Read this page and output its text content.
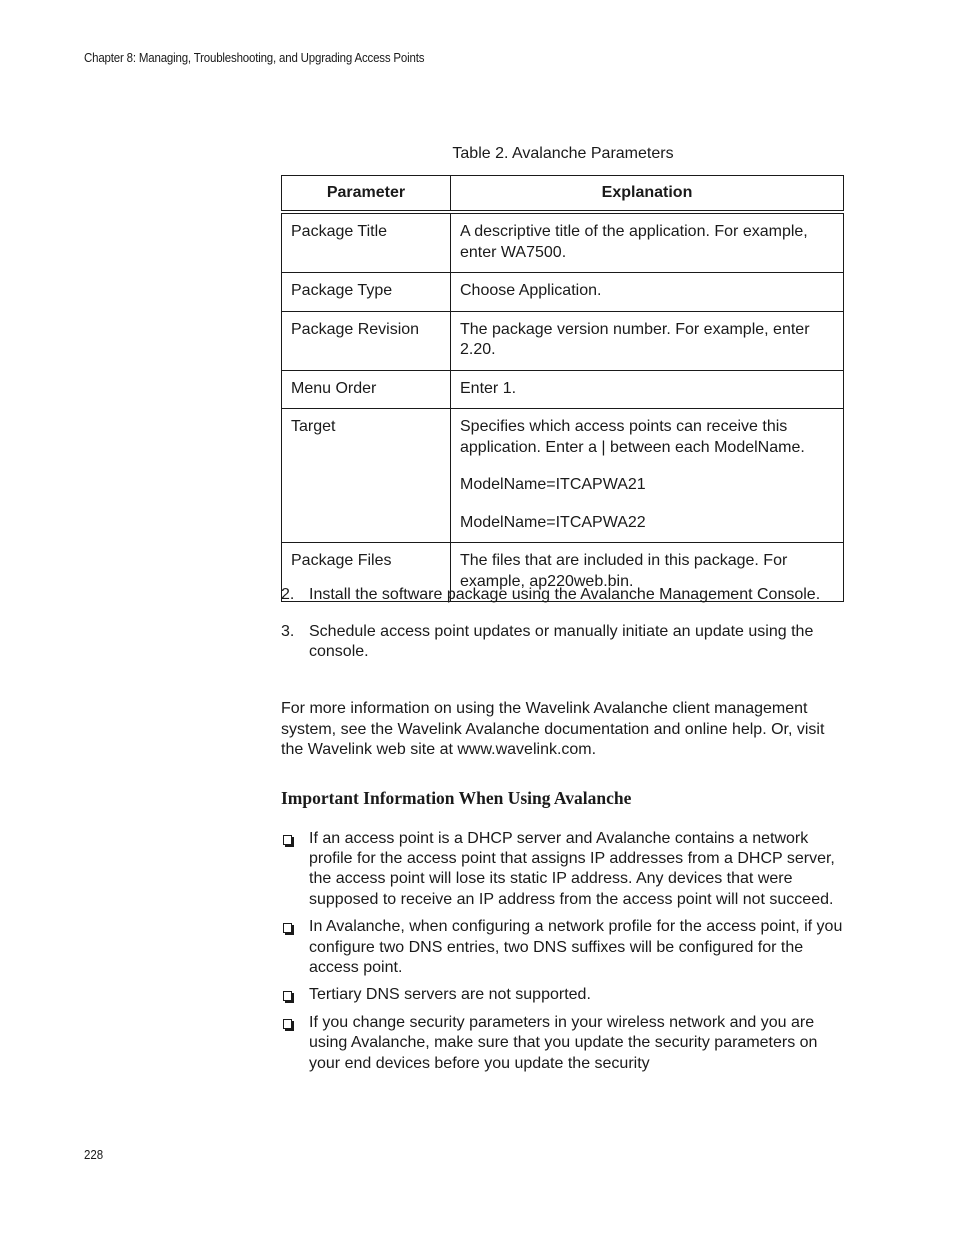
Chapter 8: Managing, Troubleshooting, and Upgrading Access Points
Table 2. Avalanche Parameters
Parameter	Explanation
Package Title	A descriptive title of the application. For example, enter WA7500.

Package Type	Choose Application.

Package Revision	The package version number. For example, enter 2.20.

Menu Order	Enter 1.

Target	Specifies which access points can receive this application. Enter a | between each ModelName.

ModelName=ITCAPWA21

ModelName=ITCAPWA22

Package Files	The files that are included in this package. For example, ap220web.bin.

2. Install the software package using the Avalanche Management Console.
3. Schedule access point updates or manually initiate an update using the console.
For more information on using the Wavelink Avalanche client management system, see the Wavelink Avalanche documentation and online help. Or, visit the Wavelink web site at www.wavelink.com.
Important Information When Using Avalanche
If an access point is a DHCP server and Avalanche contains a network profile for the access point that assigns IP addresses from a DHCP server, the access point will lose its static IP address. Any devices that were supposed to receive an IP address from the access point will not succeed.
In Avalanche, when configuring a network profile for the access point, if you configure two DNS entries, two DNS suffixes will be configured for the access point.
Tertiary DNS servers are not supported.
If you change security parameters in your wireless network and you are using Avalanche, make sure that you update the security parameters on your end devices before you update the security
228
